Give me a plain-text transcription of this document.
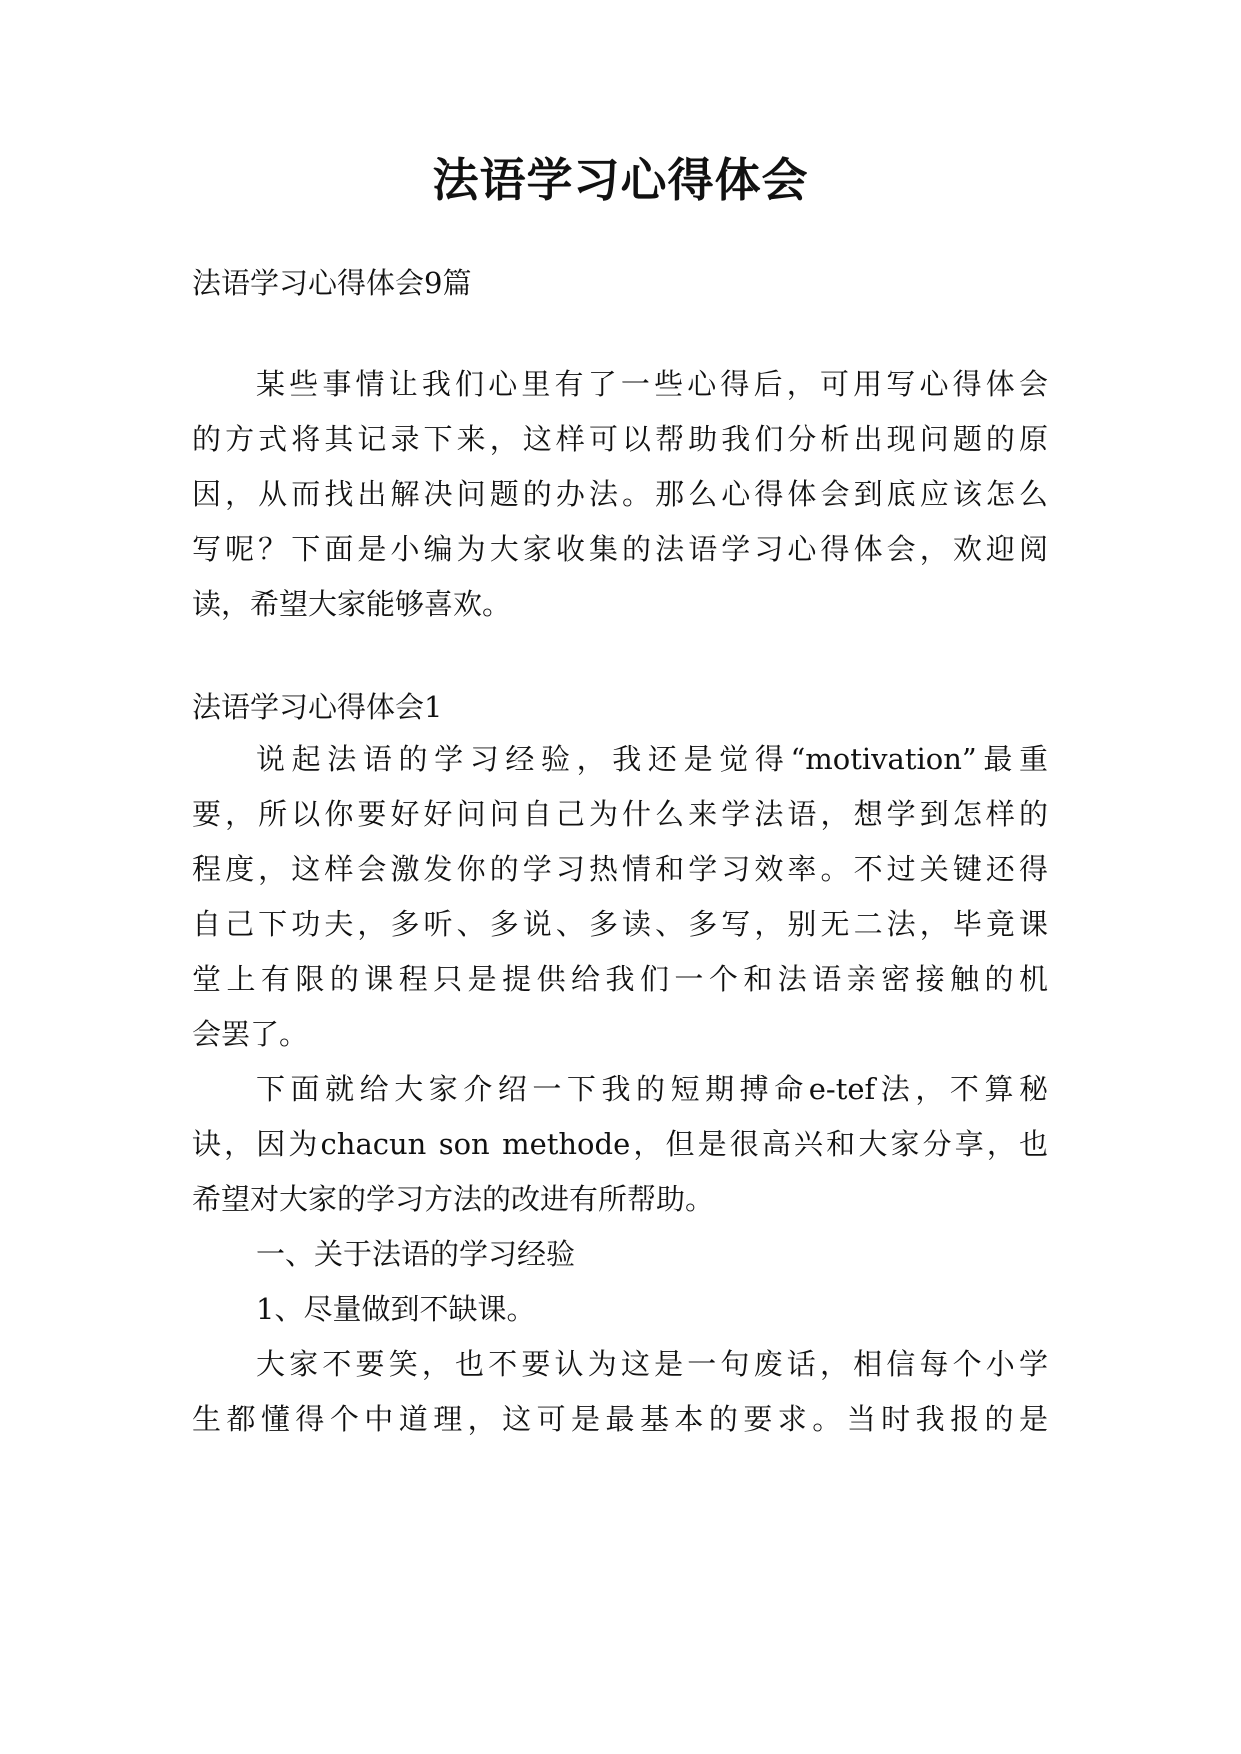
法语学习心得体会

法语学习心得体会9篇

某些事情让我们心里有了一些心得后，可用写心得体会

的方式将其记录下来，这样可以帮助我们分析出现问题的原

因，从而找出解决问题的办法。那么心得体会到底应该怎么

写呢？下面是小编为大家收集的法语学习心得体会，欢迎阅

读，希望大家能够喜欢。

法语学习心得体会1

说起法语的学习经验，我还是觉得“motivation”最重

要，所以你要好好问问自己为什么来学法语，想学到怎样的

程度，这样会激发你的学习热情和学习效率。不过关键还得

自己下功夫，多听、多说、多读、多写，别无二法，毕竟课

堂上有限的课程只是提供给我们一个和法语亲密接触的机

会罢了。

下面就给大家介绍一下我的短期搏命e-tef法，不算秘

诀，因为chacun son methode，但是很高兴和大家分享，也

希望对大家的学习方法的改进有所帮助。

一、关于法语的学习经验

1、尽量做到不缺课。

大家不要笑，也不要认为这是一句废话，相信每个小学

生都懂得个中道理，这可是最基本的要求。当时我报的是
